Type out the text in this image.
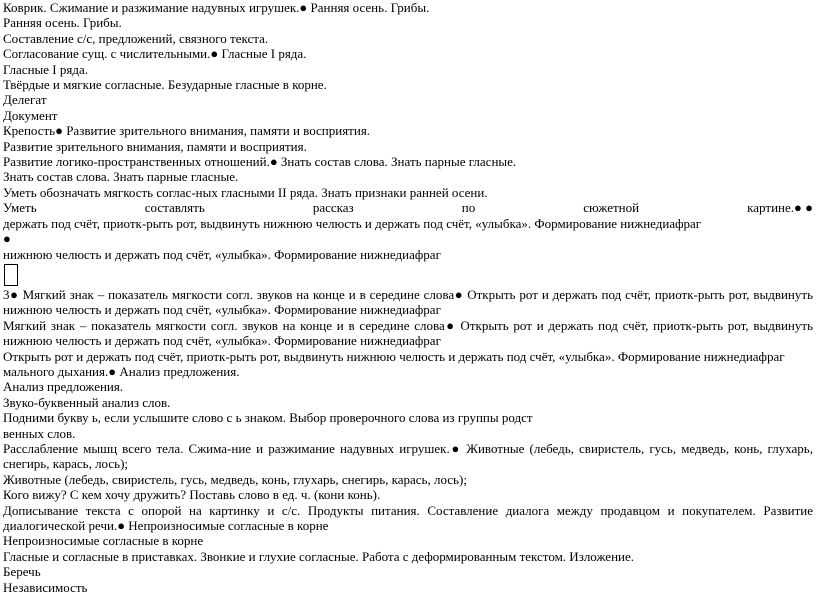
Коврик. Сжимание и разжимание надувных игрушек.● Ранняя осень. Грибы.
Ранняя осень. Грибы.
Составление с/с, предложений, связного текста.
Согласование сущ. с числительными.● Гласные I ряда.
Гласные I ряда.
Твёрдые и мягкие согласные. Безударные гласные в корне.
Делегат
Документ
Крепость● Развитие зрительного внимания, памяти и восприятия.
Развитие зрительного внимания, памяти и восприятия.
Развитие логико-пространственных отношений.● Знать состав слова. Знать парные гласные.
Знать состав слова. Знать парные гласные.
Уметь обозначать мягкость соглас-ных гласными II ряда. Знать признаки ранней осени.
Уметь	составлять	рассказ	по	сюжетной	картине.● ●
держать под счёт, приотк-рыть рот, выдвинуть нижнюю челюсть и держать под счёт, «улыбка». Формирование нижнедиафраг
●
нижнюю челюсть и держать под счёт, «улыбка». Формирование нижнедиафраг
3● Мягкий знак – показатель мягкости согл. звуков на конце и в середине слова● Открыть рот и держать под счёт, приотк-рыть рот, выдвинуть нижнюю челюсть и держать под счёт, «улыбка». Формирование нижнедиафраг
Мягкий знак – показатель мягкости согл. звуков на конце и в середине слова● Открыть рот и держать под счёт, приотк-рыть рот, выдвинуть нижнюю челюсть и держать под счёт, «улыбка». Формирование нижнедиафраг
Открыть рот и держать под счёт, приотк-рыть рот, выдвинуть нижнюю челюсть и держать под счёт, «улыбка». Формирование нижнедиафраг
мального дыхания.● Анализ предложения.
Анализ предложения.
Звуко-буквенный анализ слов.
Подними букву ь, если услышите слово с ь знаком. Выбор проверочного слова из группы родст
венных слов.
Расслабление мышц всего тела. Сжима-ние и разжимание надувных игрушек.● Животные (лебедь, свиристель, гусь, медведь, конь, глухарь, снегирь, карась, лось);
Животные (лебедь, свиристель, гусь, медведь, конь, глухарь, снегирь, карась, лось);
Кого вижу? С кем хочу дружить? Поставь слово в ед. ч. (кони конь).
Дописывание текста с опорой на картинку и с/с. Продукты питания. Составление диалога между продавцом и покупателем. Развитие диалогической речи.● Непроизносимые согласные в корне
Непроизносимые согласные в корне
Гласные и согласные в приставках. Звонкие и глухие согласные. Работа с деформированным текстом. Изложение.
Беречь
Независимость
